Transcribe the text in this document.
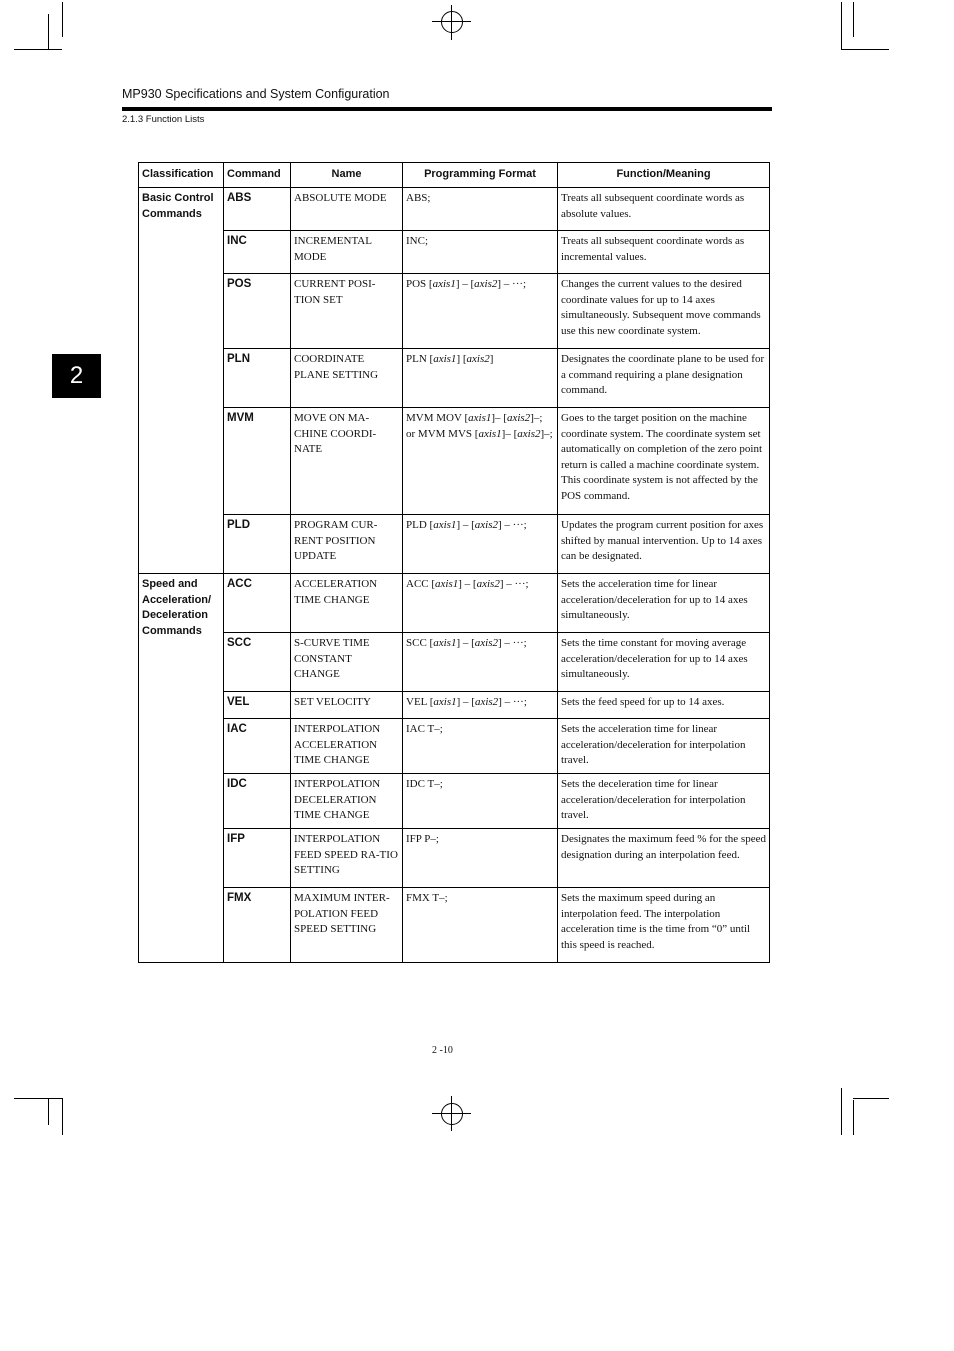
MP930 Specifications and System Configuration
2.1.3 Function Lists
2
Classification	Command	Name	Programming Format	Function/Meaning
Basic Control Commands	ABS	ABSOLUTE MODE	ABS;	Treats all subsequent coordinate words as absolute values.
	INC	INCREMENTAL MODE	INC;	Treats all subsequent coordinate words as incremental values.
	POS	CURRENT POSI-TION SET	POS [axis1] – [axis2] – ···;	Changes the current values to the desired coordinate values for up to 14 axes simultaneously. Subsequent move commands use this new coordinate system.
	PLN	COORDINATE PLANE SETTING	PLN [axis1] [axis2]	Designates the coordinate plane to be used for a command requiring a plane designation command.
	MVM	MOVE ON MA-CHINE COORDI-NATE	MVM MOV [axis1]– [axis2]–; or MVM MVS [axis1]– [axis2]–;	Goes to the target position on the machine coordinate system. The coordinate system set automatically on completion of the zero point return is called a machine coordinate system. This coordinate system is not affected by the POS command.
	PLD	PROGRAM CUR-RENT POSITION UPDATE	PLD [axis1] – [axis2] – ···;	Updates the program current position for axes shifted by manual intervention. Up to 14 axes can be designated.
Speed and Acceleration/ Deceleration Commands	ACC	ACCELERATION TIME CHANGE	ACC [axis1] – [axis2] – ···;	Sets the acceleration time for linear acceleration/deceleration for up to 14 axes simultaneously.
	SCC	S-CURVE TIME CONSTANT CHANGE	SCC [axis1] – [axis2] – ···;	Sets the time constant for moving average acceleration/deceleration for up to 14 axes simultaneously.
	VEL	SET VELOCITY	VEL [axis1] – [axis2] – ···;	Sets the feed speed for up to 14 axes.
	IAC	INTERPOLATION ACCELERATION TIME CHANGE	IAC T–;	Sets the acceleration time for linear acceleration/deceleration for interpolation travel.
	IDC	INTERPOLATION DECELERATION TIME CHANGE	IDC T–;	Sets the deceleration time for linear acceleration/deceleration for interpolation travel.
	IFP	INTERPOLATION FEED SPEED RA-TIO SETTING	IFP P–;	Designates the maximum feed % for the speed designation during an interpolation feed.
	FMX	MAXIMUM INTER-POLATION FEED SPEED SETTING	FMX T–;	Sets the maximum speed during an interpolation feed. The interpolation acceleration time is the time from “0” until this speed is reached.
2 -10
